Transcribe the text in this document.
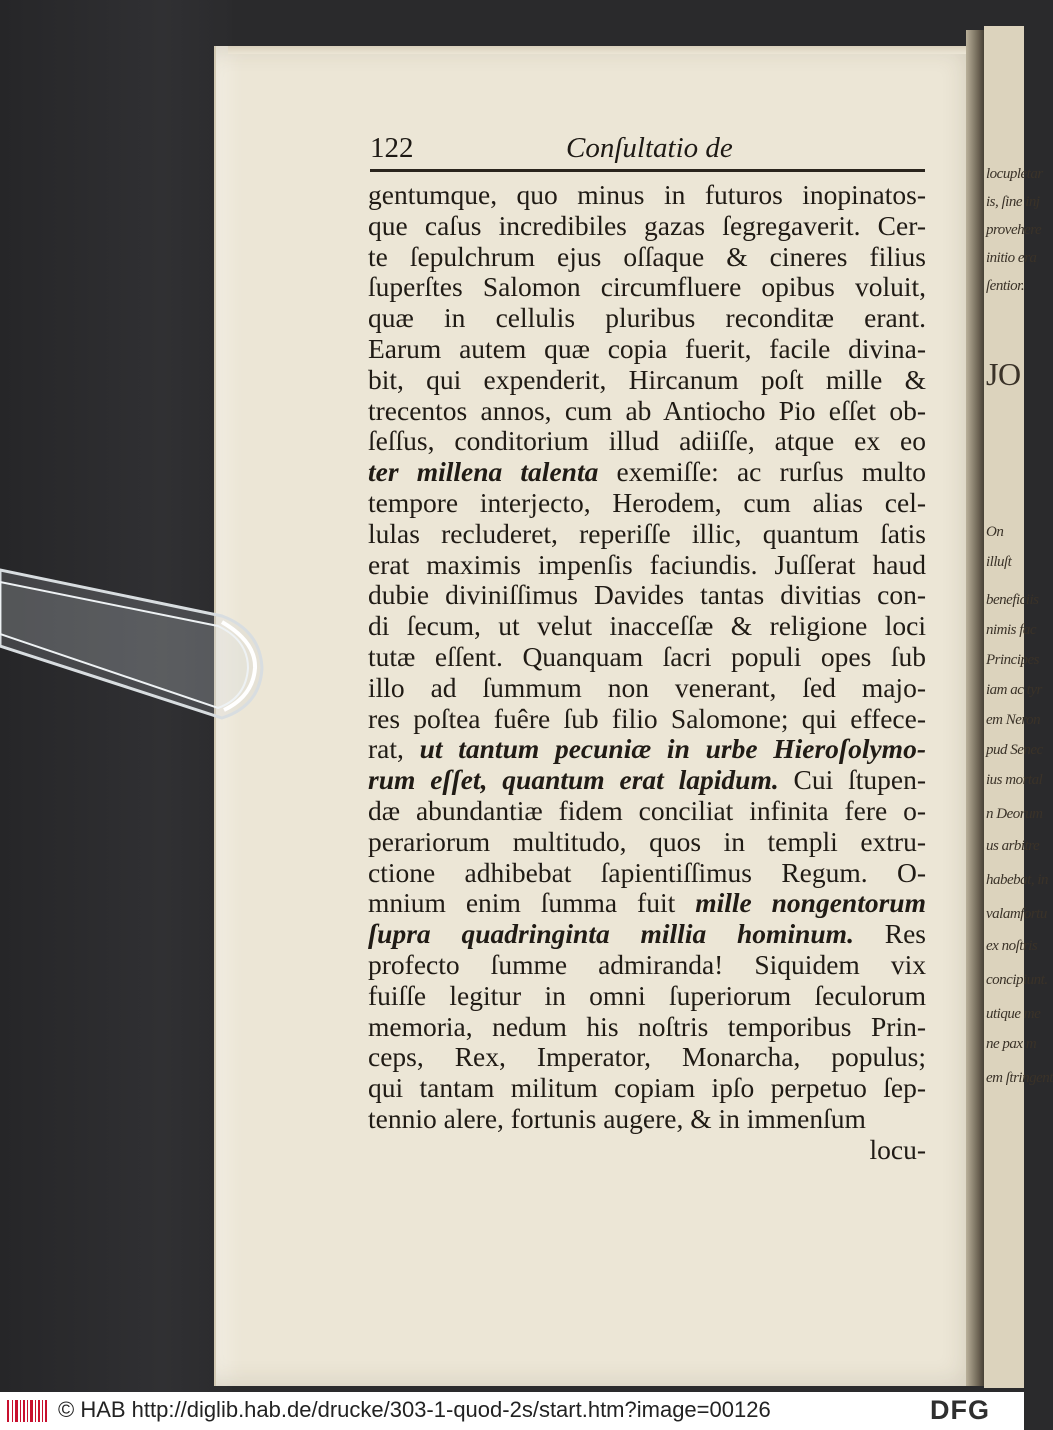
locupletar
is, ſine inj
provehere
initio era
ſentior.
JO
On
illuſt
beneficiis
nimis fac
Principes
iam ac tyr
em Neron
pud Senec
ius mortal
n Deorum
us arbitre
habebat, in
valamfortu
ex noſtris
concipiunt.
utique me
ne pax m
em ſtringent
122	Conſultatio de
gentumque, quo minus in futuros inopinatos-
que caſus incredibiles gazas ſegregaverit. Cer-
te ſepulchrum ejus oſſaque & cineres filius
ſuperſtes Salomon circumfluere opibus voluit,
quæ in cellulis pluribus reconditæ erant.
Earum autem quæ copia fuerit, facile divina-
bit, qui expenderit, Hircanum poſt mille &
trecentos annos, cum ab Antiocho Pio eſſet ob-
ſeſſus, conditorium illud adiiſſe, atque ex eo
ter millena talenta exemiſſe: ac rurſus multo
tempore interjecto, Herodem, cum alias cel-
lulas recluderet, reperiſſe illic, quantum ſatis
erat maximis impenſis faciundis. Juſſerat haud
dubie diviniſſimus Davides tantas divitias con-
di ſecum, ut velut inacceſſæ & religione loci
tutæ eſſent. Quanquam ſacri populi opes ſub
illo ad ſummum non venerant, ſed majo-
res poſtea fuêre ſub filio Salomone; qui effece-
rat, ut tantum pecuniæ in urbe Hieroſolymo-
rum eſſet, quantum erat lapidum. Cui ſtupen-
dæ abundantiæ fidem conciliat infinita fere o-
perariorum multitudo, quos in templi extru-
ctione adhibebat ſapientiſſimus Regum. O-
mnium enim ſumma fuit mille nongentorum
ſupra quadringinta millia hominum. Res
profecto ſumme admiranda! Siquidem vix
fuiſſe legitur in omni ſuperiorum ſeculorum
memoria, nedum his noſtris temporibus Prin-
ceps, Rex, Imperator, Monarcha, populus;
qui tantam militum copiam ipſo perpetuo ſep-
tennio alere, fortunis augere, & in immenſum
locu-
© HAB http://diglib.hab.de/drucke/303-1-quod-2s/start.htm?image=00126	DFG
